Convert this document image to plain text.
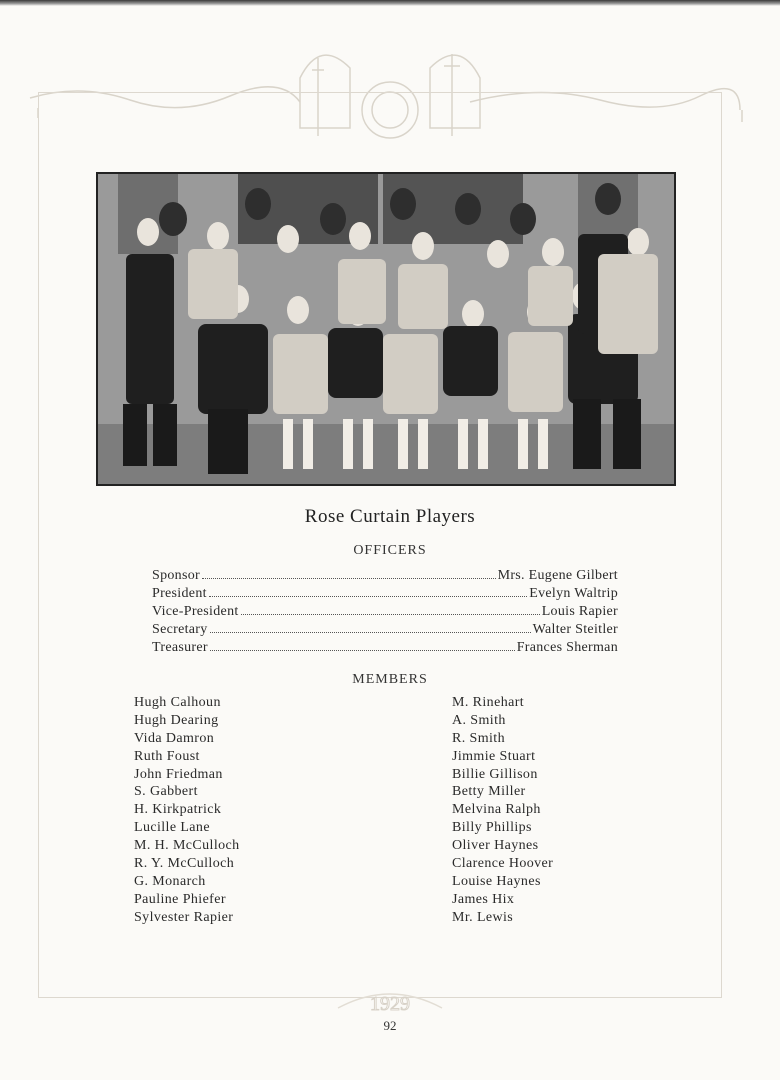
Rose Curtain Players
OFFICERS
Sponsor	Mrs. Eugene Gilbert
President	Evelyn Waltrip
Vice-President	Louis Rapier
Secretary	Walter Steitler
Treasurer	Frances Sherman
MEMBERS
Hugh Calhoun
Hugh Dearing
Vida Damron
Ruth Foust
John Friedman
S. Gabbert
H. Kirkpatrick
Lucille Lane
M. H. McCulloch
R. Y. McCulloch
G. Monarch
Pauline Phiefer
Sylvester Rapier
M. Rinehart
A. Smith
R. Smith
Jimmie Stuart
Billie Gillison
Betty Miller
Melvina Ralph
Billy Phillips
Oliver Haynes
Clarence Hoover
Louise Haynes
James Hix
Mr. Lewis
1929
92
